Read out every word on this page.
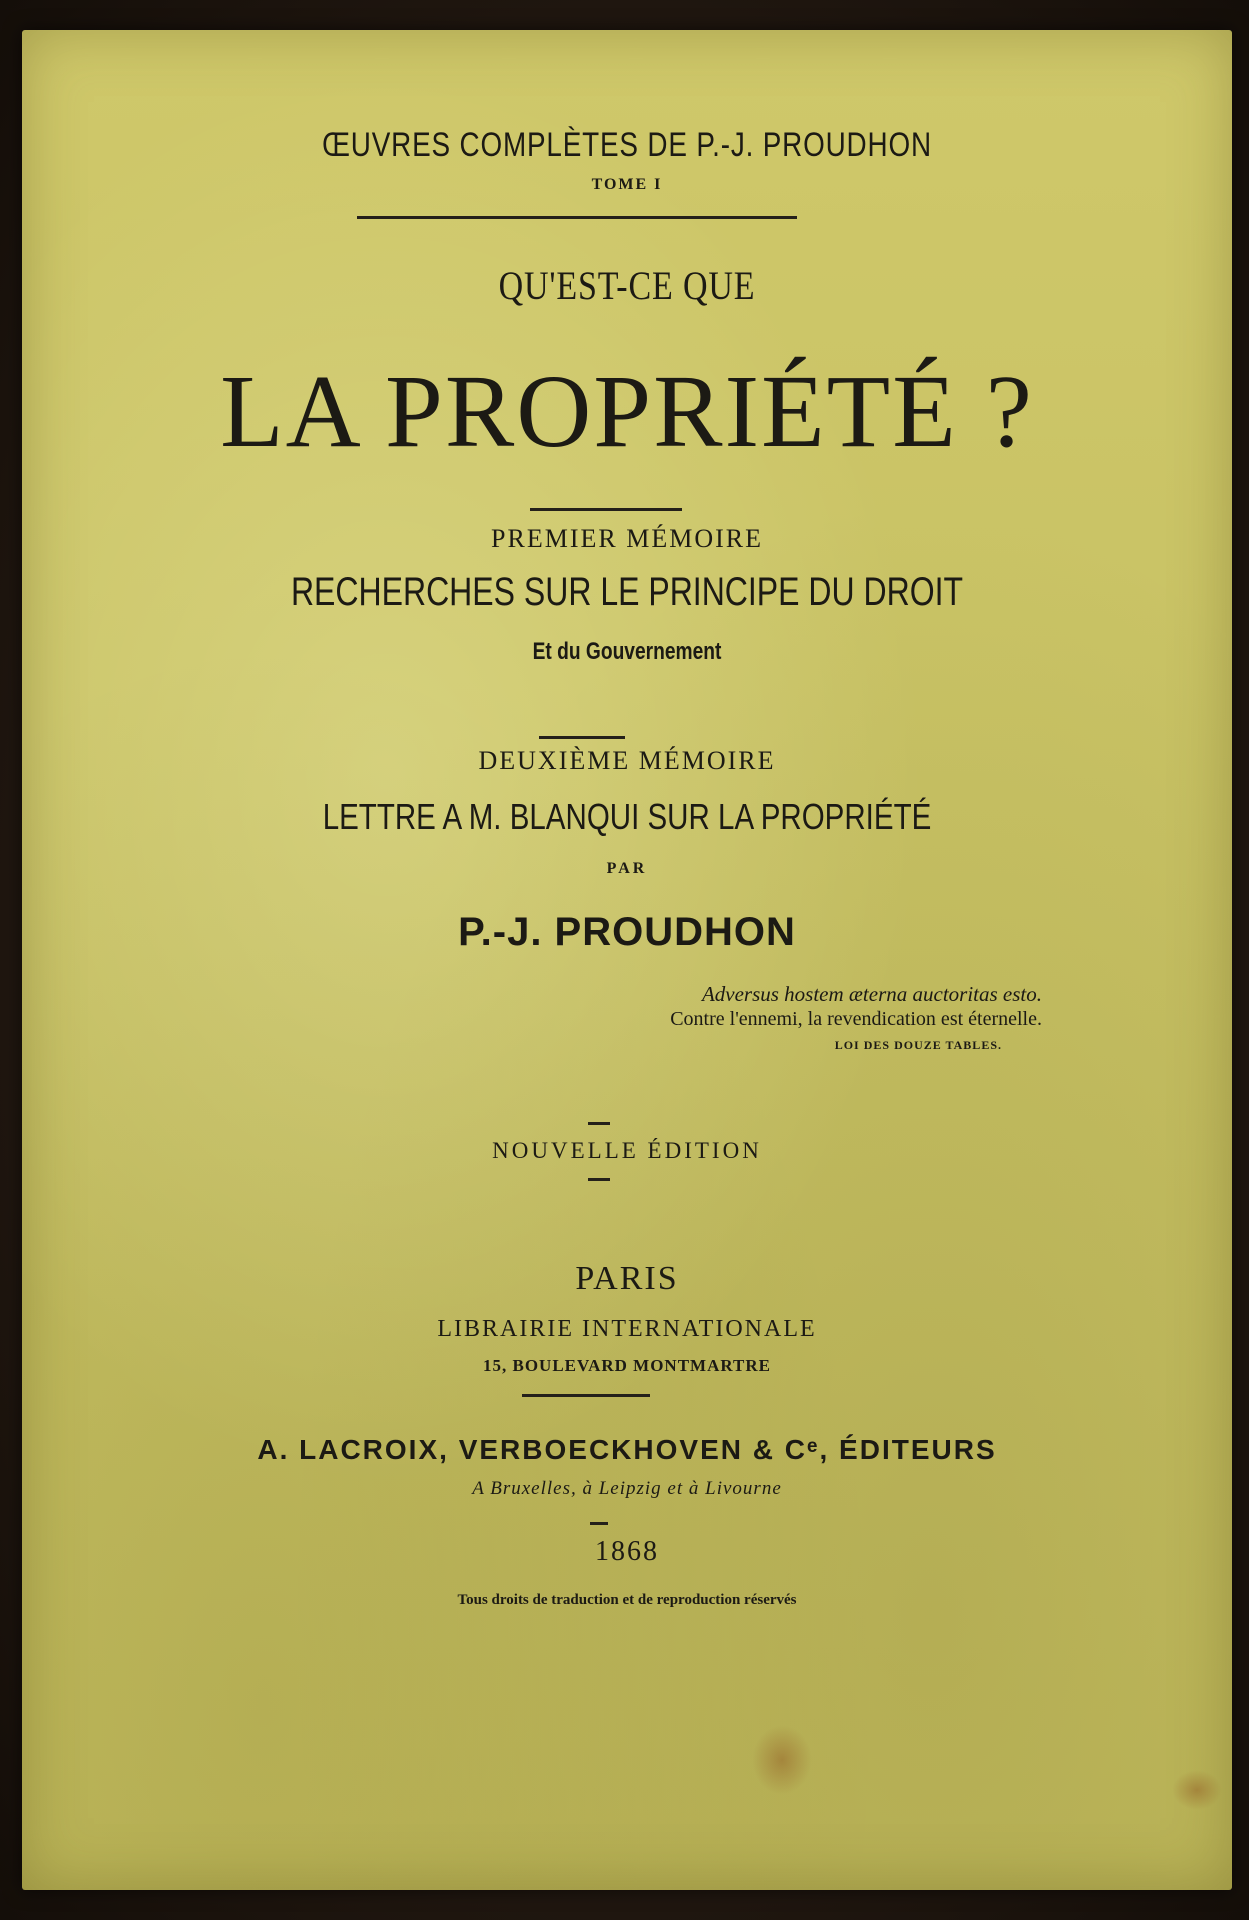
ŒUVRES COMPLÈTES DE P.-J. PROUDHON
TOME I
QU'EST-CE QUE
LA PROPRIÉTÉ ?
PREMIER MÉMOIRE
RECHERCHES SUR LE PRINCIPE DU DROIT
Et du Gouvernement
DEUXIÈME MÉMOIRE
LETTRE A M. BLANQUI SUR LA PROPRIÉTÉ
PAR
P.-J. PROUDHON
Adversus hostem æterna auctoritas esto.
Contre l'ennemi, la revendication est éternelle.
LOI DES DOUZE TABLES.
NOUVELLE ÉDITION
PARIS
LIBRAIRIE INTERNATIONALE
15, BOULEVARD MONTMARTRE
A. LACROIX, VERBOECKHOVEN & Cᵉ, ÉDITEURS
A Bruxelles, à Leipzig et à Livourne
1868
Tous droits de traduction et de reproduction réservés
